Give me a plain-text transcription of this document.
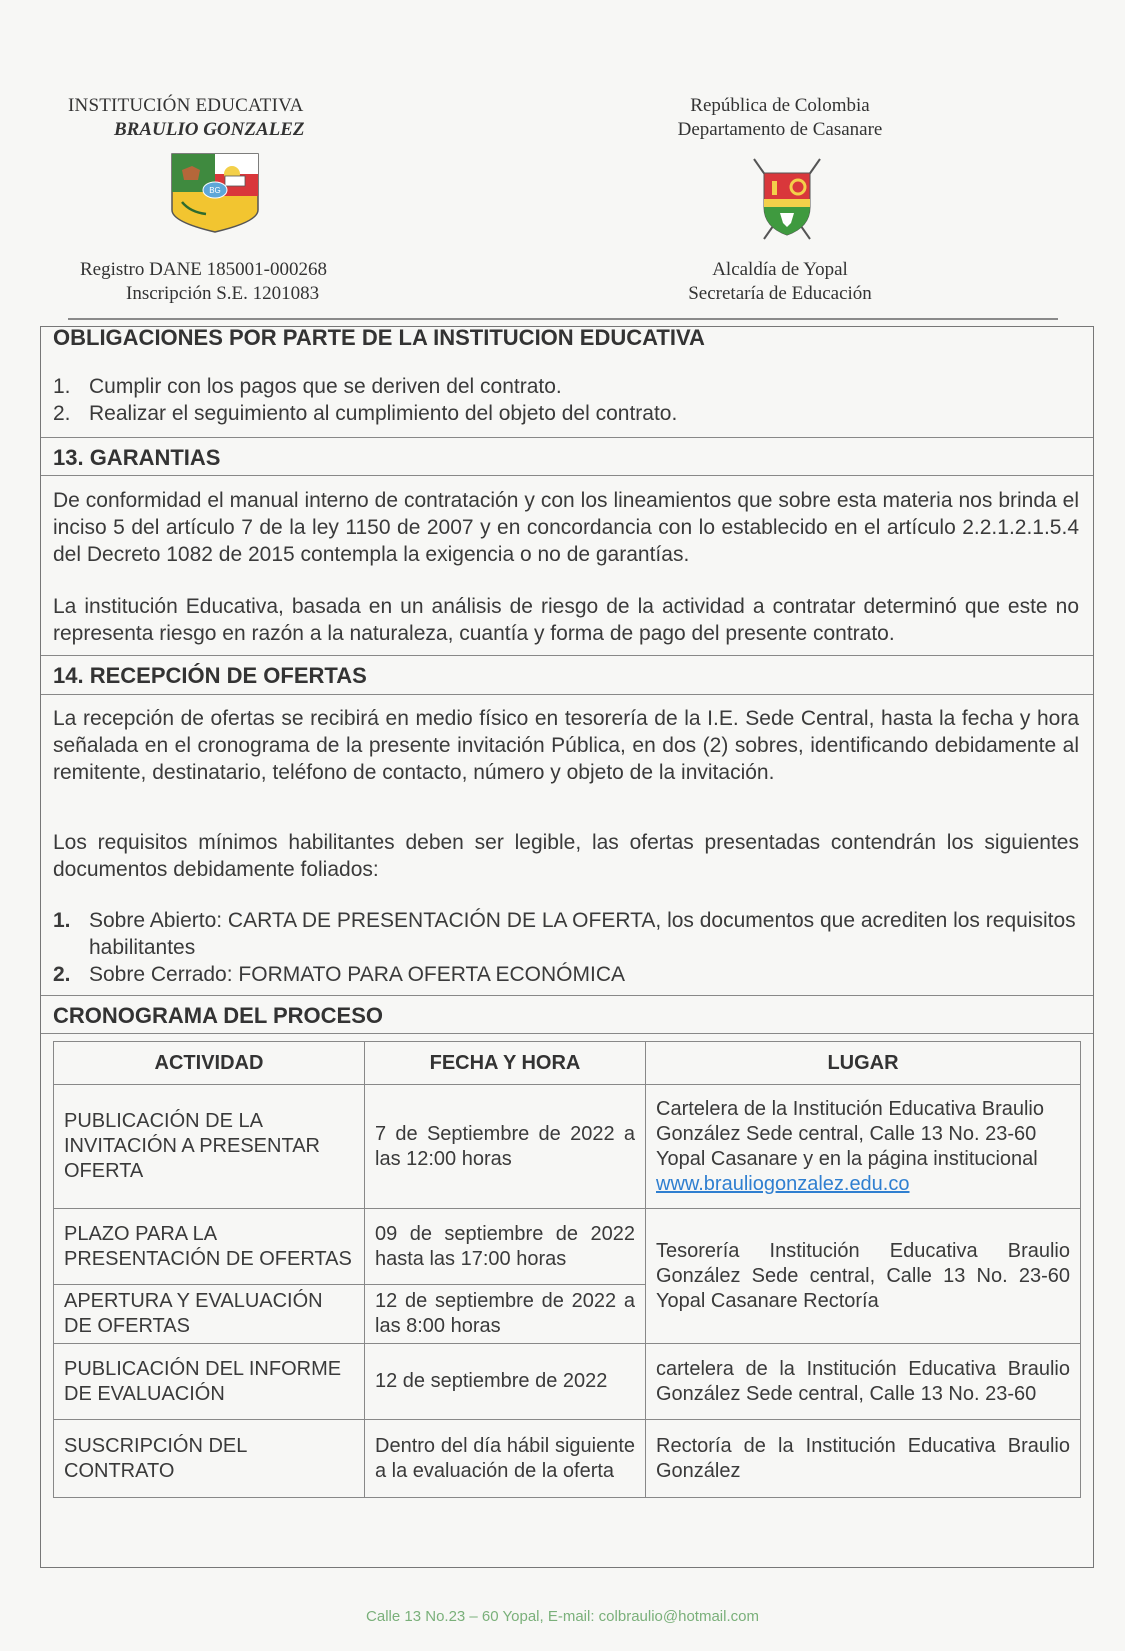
INSTITUCIÓN EDUCATIVA
BRAULIO GONZALEZ
Registro DANE 185001-000268
Inscripción S.E. 1201083
BG
República de Colombia
Departamento de Casanare
Alcaldía de Yopal
Secretaría de Educación
OBLIGACIONES POR PARTE DE LA INSTITUCION EDUCATIVA
1. Cumplir con los pagos que se deriven del contrato.
2. Realizar el seguimiento al cumplimiento del objeto del contrato.
13. GARANTIAS
De conformidad el manual interno de contratación y con los lineamientos que sobre esta materia nos brinda el inciso 5 del artículo 7 de la ley 1150 de 2007 y en concordancia con lo establecido en el artículo 2.2.1.2.1.5.4 del Decreto 1082 de 2015 contempla la exigencia o no de garantías.
La institución Educativa, basada en un análisis de riesgo de la actividad a contratar determinó que este no representa riesgo en razón a la naturaleza, cuantía y forma de pago del presente contrato.
14. RECEPCIÓN DE OFERTAS
La recepción de ofertas se recibirá en medio físico en tesorería de la I.E. Sede Central, hasta la fecha y hora señalada en el cronograma de la presente invitación Pública, en dos (2) sobres, identificando debidamente al remitente, destinatario, teléfono de contacto, número y objeto de la invitación.
Los requisitos mínimos habilitantes deben ser legible, las ofertas presentadas contendrán los siguientes documentos debidamente foliados:
1. Sobre Abierto: CARTA DE PRESENTACIÓN DE LA OFERTA, los documentos que acrediten los requisitos habilitantes
2. Sobre Cerrado: FORMATO PARA OFERTA ECONÓMICA
CRONOGRAMA DEL PROCESO
ACTIVIDAD	FECHA Y HORA	LUGAR
PUBLICACIÓN DE LA INVITACIÓN A PRESENTAR OFERTA	7 de Septiembre de 2022 a las 12:00 horas	Cartelera de la Institución Educativa Braulio González Sede central, Calle 13 No. 23-60 Yopal Casanare y en la página institucional
www.brauliogonzalez.edu.co
PLAZO PARA LA PRESENTACIÓN DE OFERTAS	09 de septiembre de 2022 hasta las 17:00 horas	Tesorería Institución Educativa Braulio González Sede central, Calle 13 No. 23-60 Yopal Casanare Rectoría
APERTURA Y EVALUACIÓN DE OFERTAS	12 de septiembre de 2022 a las 8:00 horas	
PUBLICACIÓN DEL INFORME DE EVALUACIÓN	12 de septiembre de 2022	cartelera de la Institución Educativa Braulio González Sede central, Calle 13 No. 23-60
SUSCRIPCIÓN DEL CONTRATO	Dentro del día hábil siguiente a la evaluación de la oferta	Rectoría de la Institución Educativa Braulio González
Calle 13 No.23 – 60 Yopal, E-mail: colbraulio@hotmail.com
